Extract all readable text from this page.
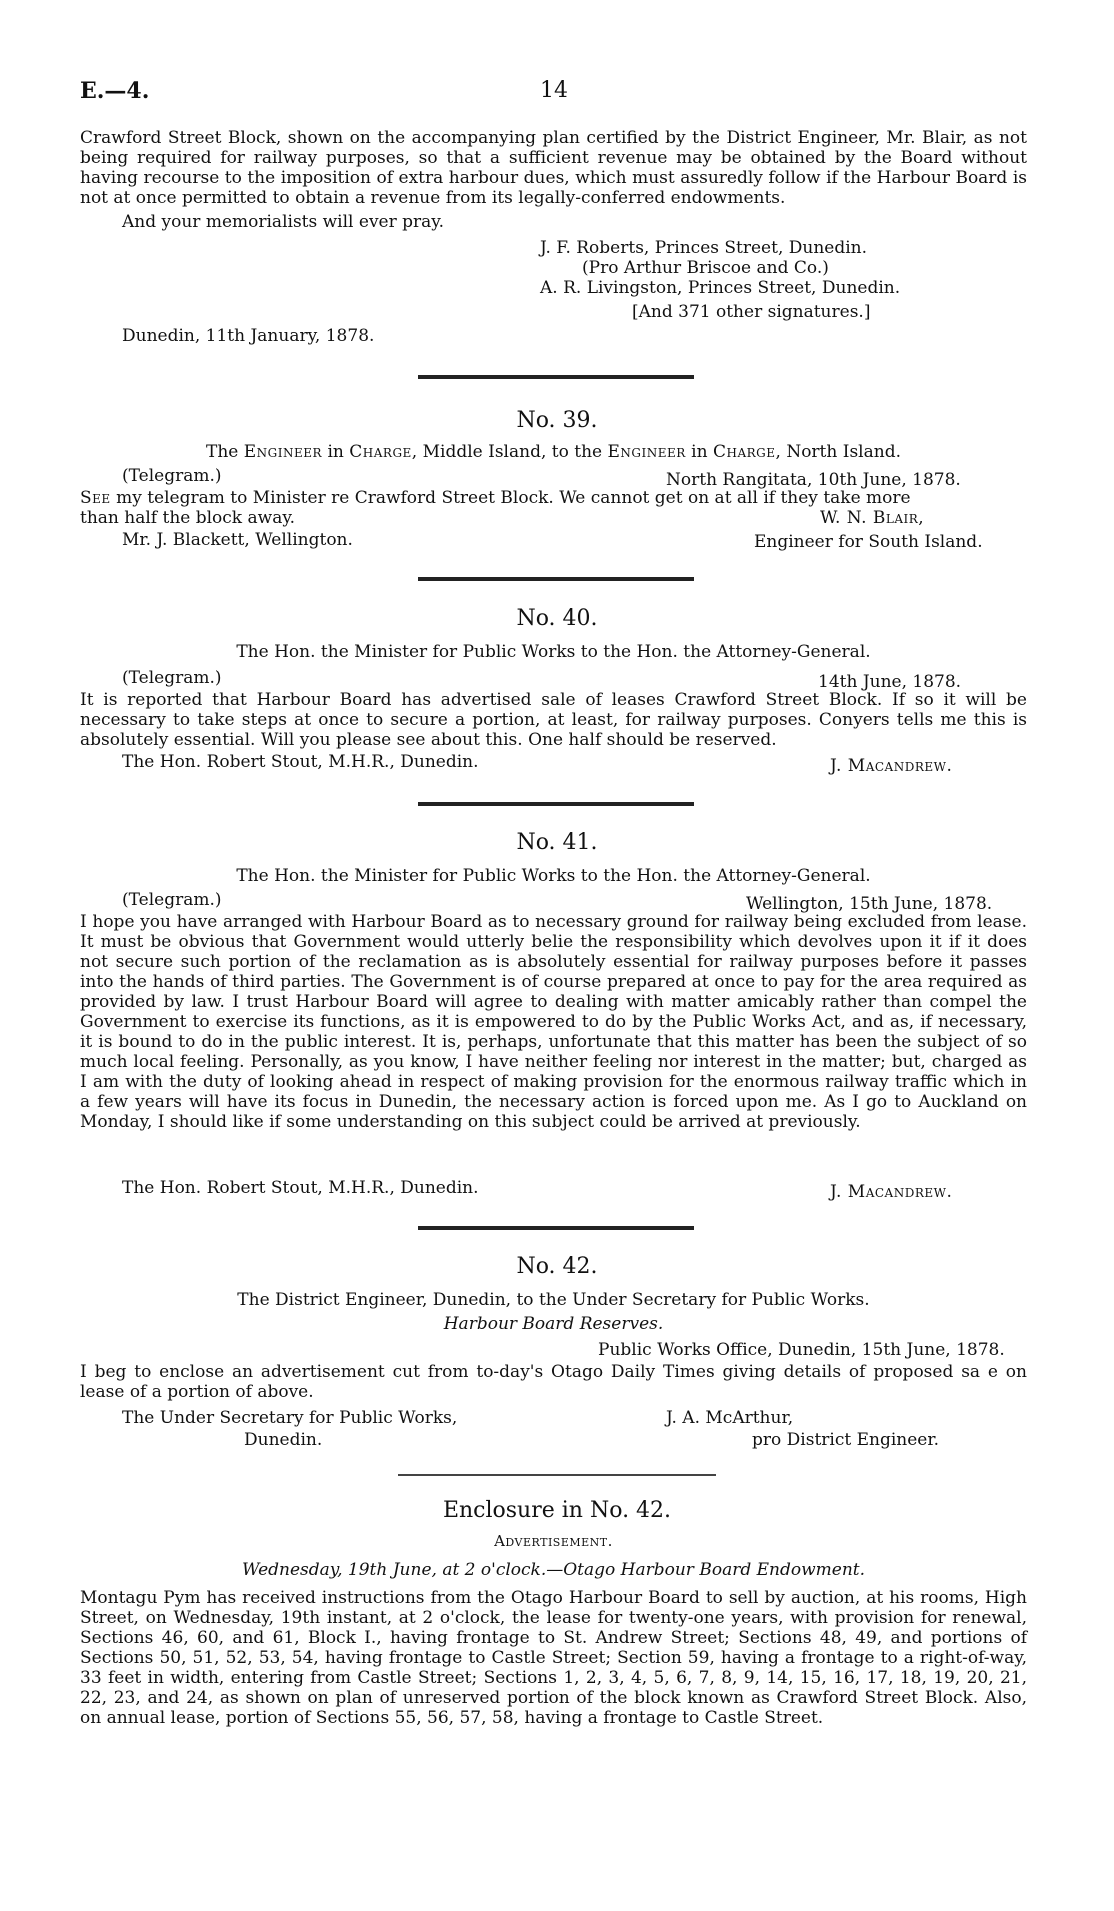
E.—4.	14
Crawford Street Block, shown on the accompanying plan certified by the District Engineer, Mr. Blair, as not being required for railway purposes, so that a sufficient revenue may be obtained by the Board without having recourse to the imposition of extra harbour dues, which must assuredly follow if the Harbour Board is not at once permitted to obtain a revenue from its legally-conferred endowments.
And your memorialists will ever pray.
J. F. Roberts, Princes Street, Dunedin.
(Pro Arthur Briscoe and Co.)
A. R. Livingston, Princes Street, Dunedin.
[And 371 other signatures.]
Dunedin, 11th January, 1878.
No. 39.
The Engineer in Charge, Middle Island, to the Engineer in Charge, North Island.
(Telegram.)	North Rangitata, 10th June, 1878.
See my telegram to Minister re Crawford Street Block. We cannot get on at all if they take more
than half the block away.	W. N. Blair,
Mr. J. Blackett, Wellington.	Engineer for South Island.
No. 40.
The Hon. the Minister for Public Works to the Hon. the Attorney-General.
(Telegram.)	14th June, 1878.
It is reported that Harbour Board has advertised sale of leases Crawford Street Block. If so it will be necessary to take steps at once to secure a portion, at least, for railway purposes. Conyers tells me this is absolutely essential. Will you please see about this. One half should be reserved.
The Hon. Robert Stout, M.H.R., Dunedin.	J. Macandrew.
No. 41.
The Hon. the Minister for Public Works to the Hon. the Attorney-General.
(Telegram.)	Wellington, 15th June, 1878.
I hope you have arranged with Harbour Board as to necessary ground for railway being excluded from lease. It must be obvious that Government would utterly belie the responsibility which devolves upon it if it does not secure such portion of the reclamation as is absolutely essential for railway purposes before it passes into the hands of third parties. The Government is of course prepared at once to pay for the area required as provided by law. I trust Harbour Board will agree to dealing with matter amicably rather than compel the Government to exercise its functions, as it is empowered to do by the Public Works Act, and as, if necessary, it is bound to do in the public interest. It is, perhaps, unfortunate that this matter has been the subject of so much local feeling. Personally, as you know, I have neither feeling nor interest in the matter; but, charged as I am with the duty of looking ahead in respect of making provision for the enormous railway traffic which in a few years will have its focus in Dunedin, the necessary action is forced upon me. As I go to Auckland on Monday, I should like if some understanding on this subject could be arrived at previously.
The Hon. Robert Stout, M.H.R., Dunedin.	J. Macandrew.
No. 42.
The District Engineer, Dunedin, to the Under Secretary for Public Works.
Harbour Board Reserves.
Public Works Office, Dunedin, 15th June, 1878.
I beg to enclose an advertisement cut from to-day's Otago Daily Times giving details of proposed sa e on lease of a portion of above.
The Under Secretary for Public Works,	J. A. McArthur,
Dunedin.	pro District Engineer.
Enclosure in No. 42.
Advertisement.
Wednesday, 19th June, at 2 o'clock.—Otago Harbour Board Endowment.
Montagu Pym has received instructions from the Otago Harbour Board to sell by auction, at his rooms, High Street, on Wednesday, 19th instant, at 2 o'clock, the lease for twenty-one years, with provision for renewal, Sections 46, 60, and 61, Block I., having frontage to St. Andrew Street; Sections 48, 49, and portions of Sections 50, 51, 52, 53, 54, having frontage to Castle Street; Section 59, having a frontage to a right-of-way, 33 feet in width, entering from Castle Street; Sections 1, 2, 3, 4, 5, 6, 7, 8, 9, 14, 15, 16, 17, 18, 19, 20, 21, 22, 23, and 24, as shown on plan of unreserved portion of the block known as Crawford Street Block. Also, on annual lease, portion of Sections 55, 56, 57, 58, having a frontage to Castle Street.
